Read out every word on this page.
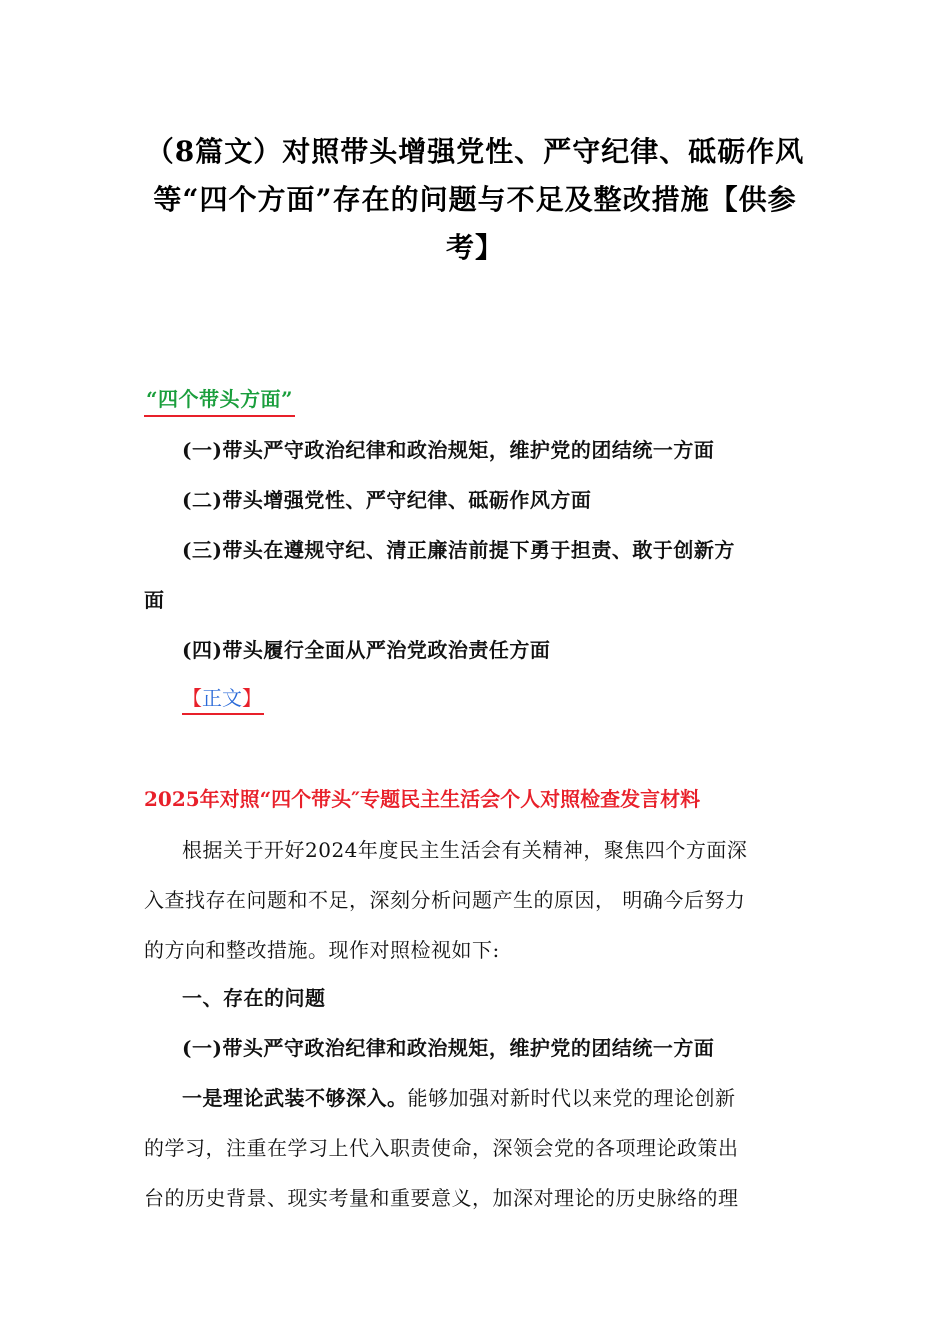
（8篇文）对照带头增强党性、严守纪律、砥砺作风等“四个方面”存在的问题与不足及整改措施【供参考】
“四个带头方面”
(一)带头严守政治纪律和政治规矩，维护党的团结统一方面
(二)带头增强党性、严守纪律、砥砺作风方面
(三)带头在遵规守纪、清正廉洁前提下勇于担责、敢于创新方
面
(四)带头履行全面从严治党政治责任方面
【正文】
2025年对照“四个带头″专题民主生活会个人对照检查发言材料
根据关于开好2024年度民主生活会有关精神，聚焦四个方面深
入查找存在问题和不足，深刻分析问题产生的原因， 明确今后努力
的方向和整改措施。现作对照检视如下:
一、存在的问题
(一)带头严守政治纪律和政治规矩，维护党的团结统一方面
一是理论武装不够深入。能够加强对新时代以来党的理论创新
的学习，注重在学习上代入职责使命，深领会党的各项理论政策出
台的历史背景、现实考量和重要意义，加深对理论的历史脉络的理
